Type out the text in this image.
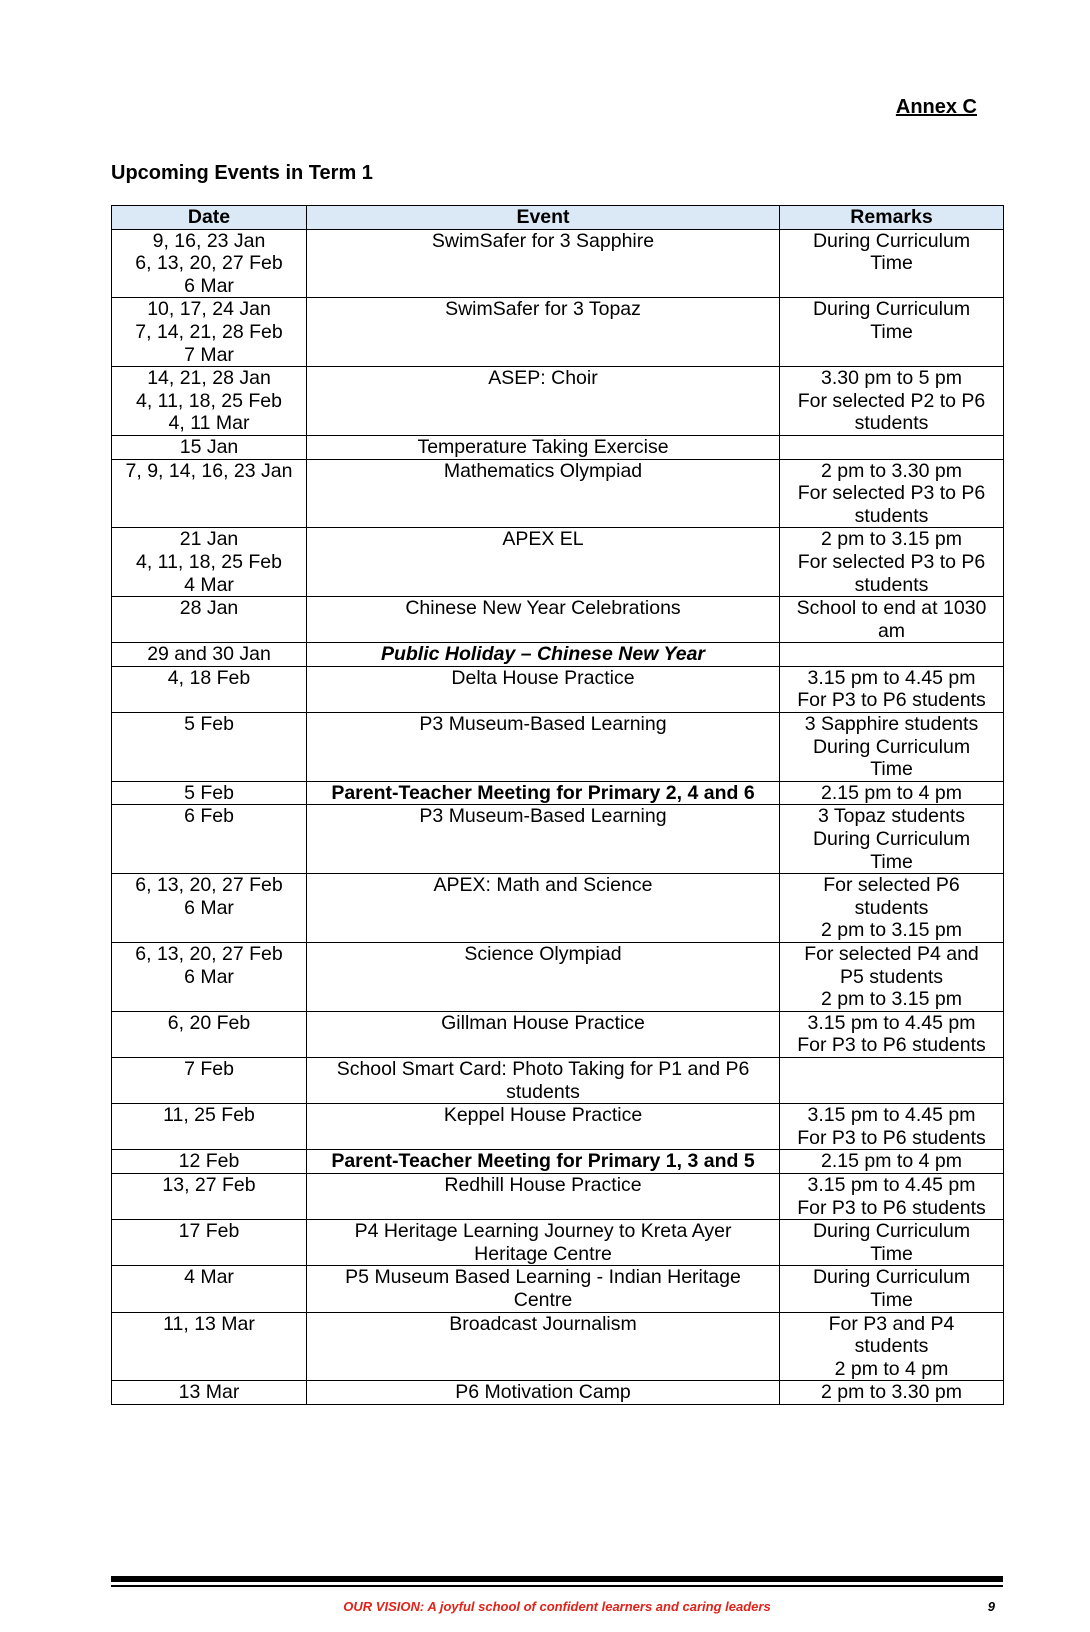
Annex C
Upcoming Events in Term 1
Date	Event	Remarks
9, 16, 23 Jan
6, 13, 20, 27 Feb
6 Mar	SwimSafer for 3 Sapphire	During Curriculum
Time

10, 17, 24 Jan
7, 14, 21, 28 Feb
7 Mar	SwimSafer for 3 Topaz	During Curriculum
Time
14, 21, 28 Jan
4, 11, 18, 25 Feb
4, 11 Mar	ASEP: Choir	3.30 pm to 5 pm
For selected P2 to P6
students
15 Jan	Temperature Taking Exercise	
7, 9, 14, 16, 23 Jan	Mathematics Olympiad	2 pm to 3.30 pm
For selected P3 to P6
students
21 Jan
4, 11, 18, 25 Feb
4 Mar	APEX EL	2 pm to 3.15 pm
For selected P3 to P6
students
28 Jan	Chinese New Year Celebrations	School to end at 1030
am
29 and 30 Jan	Public Holiday – Chinese New Year	
4, 18 Feb	Delta House Practice	3.15 pm to 4.45 pm
For P3 to P6 students
5 Feb	P3 Museum-Based Learning	3 Sapphire students
During Curriculum
Time
5 Feb	Parent-Teacher Meeting for Primary 2, 4 and 6	2.15 pm to 4 pm
6 Feb	P3 Museum-Based Learning	3 Topaz students
During Curriculum
Time
6, 13, 20, 27 Feb
6 Mar	APEX: Math and Science	For selected P6
students
2 pm to 3.15 pm
6, 13, 20, 27 Feb
6 Mar	Science Olympiad	For selected P4 and
P5 students
2 pm to 3.15 pm
6, 20 Feb	Gillman House Practice	3.15 pm to 4.45 pm
For P3 to P6 students
7 Feb	School Smart Card: Photo Taking for P1 and P6
students	
11, 25 Feb	Keppel House Practice	3.15 pm to 4.45 pm
For P3 to P6 students
12 Feb	Parent-Teacher Meeting for Primary 1, 3 and 5	2.15 pm to 4 pm
13, 27 Feb	Redhill House Practice	3.15 pm to 4.45 pm
For P3 to P6 students
17 Feb	P4 Heritage Learning Journey to Kreta Ayer
Heritage Centre	During Curriculum
Time
4 Mar	P5 Museum Based Learning - Indian Heritage
Centre	During Curriculum
Time
11, 13 Mar	Broadcast Journalism	For P3 and P4
students
2 pm to 4 pm
13 Mar	P6 Motivation Camp	2 pm to 3.30 pm
OUR VISION: A joyful school of confident learners and caring leaders	9
